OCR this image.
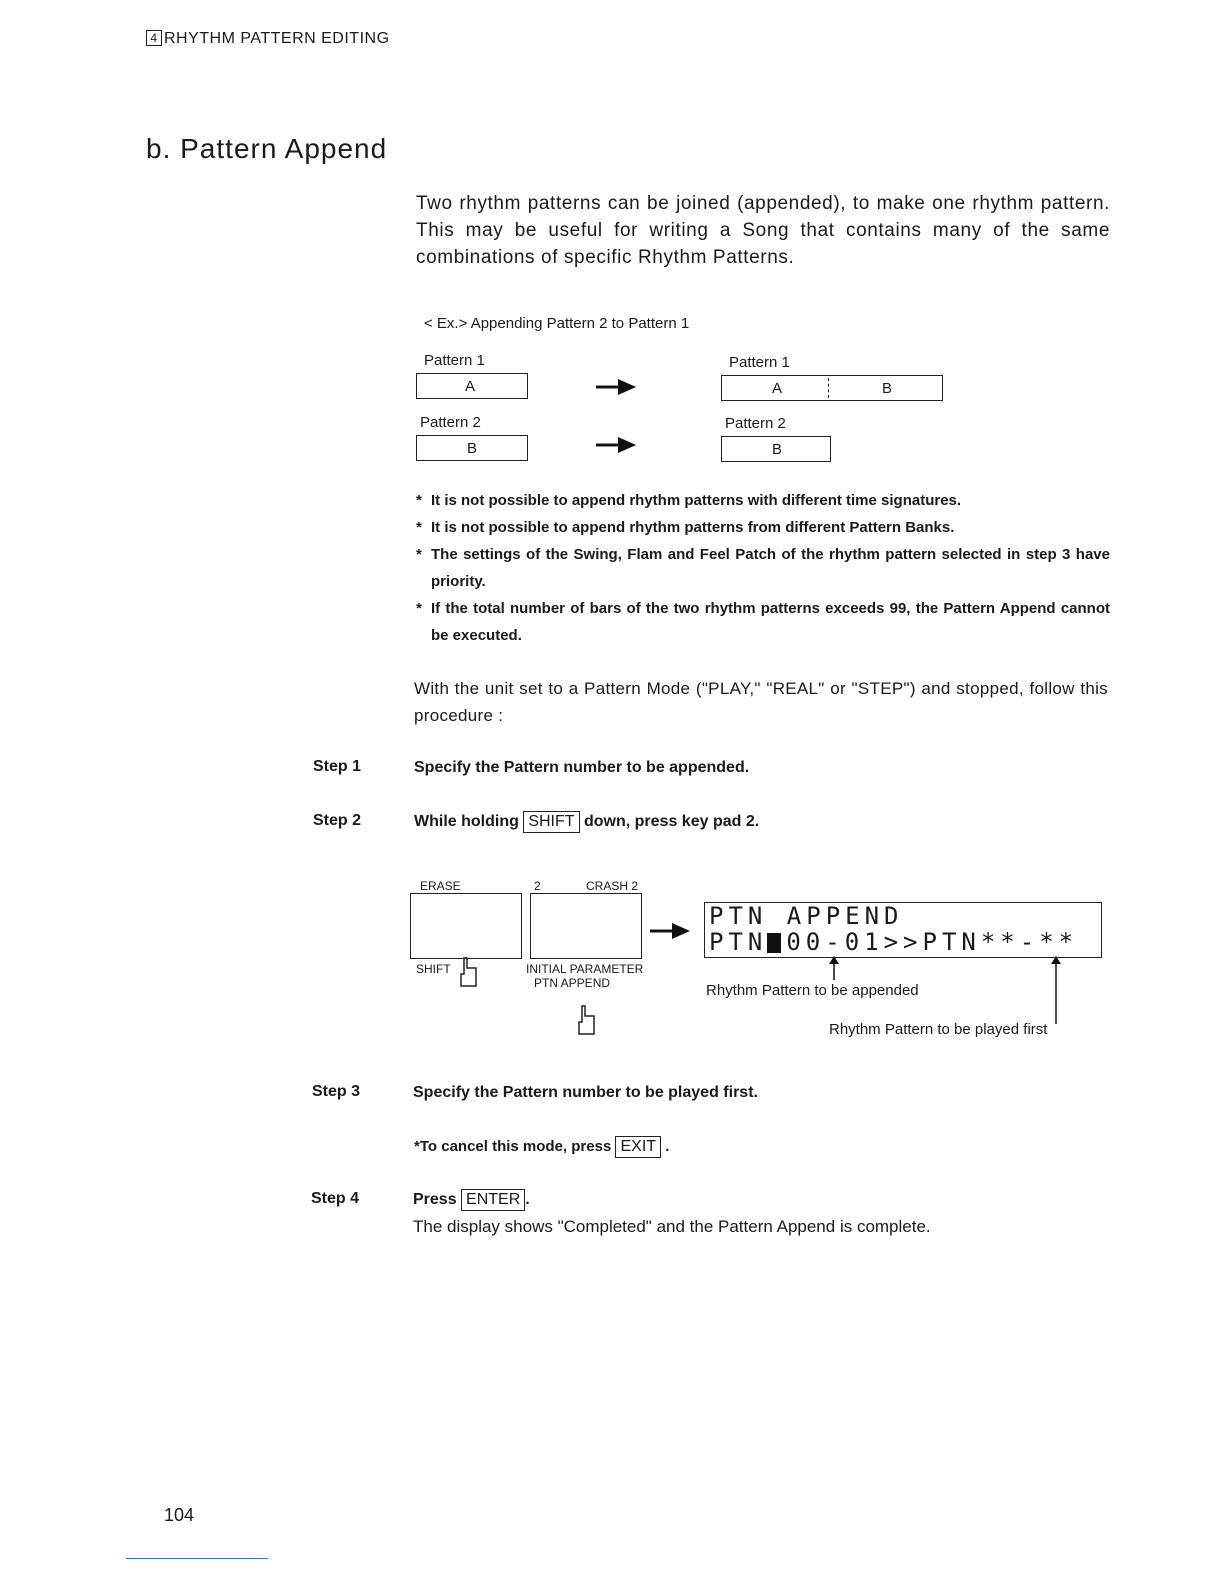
4 RHYTHM PATTERN EDITING
b. Pattern Append
Two rhythm patterns can be joined (appended), to make one rhythm pattern. This may be useful for writing a Song that contains many of the same combinations of specific Rhythm Patterns.
< Ex.> Appending Pattern 2 to Pattern 1
Pattern 1
A
Pattern 2
B
Pattern 1
A	B
Pattern 2
B
* It is not possible to append rhythm patterns with different time signatures.
* It is not possible to append rhythm patterns from different Pattern Banks.
* The settings of the Swing, Flam and Feel Patch of the rhythm pattern selected in step 3 have priority.
* If the total number of bars of the two rhythm patterns exceeds 99, the Pattern Append cannot be executed.
With the unit set to a Pattern Mode ("PLAY," "REAL" or "STEP") and stopped, follow this procedure :
Step 1	Specify the Pattern number to be appended.
Step 2	While holding SHIFT down, press key pad 2.
ERASE
SHIFT
2	CRASH 2
INITIAL PARAMETER
PTN APPEND
PTN APPEND
PTN 00-01>>PTN**-**
Rhythm Pattern to be appended
Rhythm Pattern to be played first
Step 3	Specify the Pattern number to be played first.
*To cancel this mode, press EXIT .
Step 4	Press ENTER .
The display shows "Completed" and the Pattern Append is complete.
104
